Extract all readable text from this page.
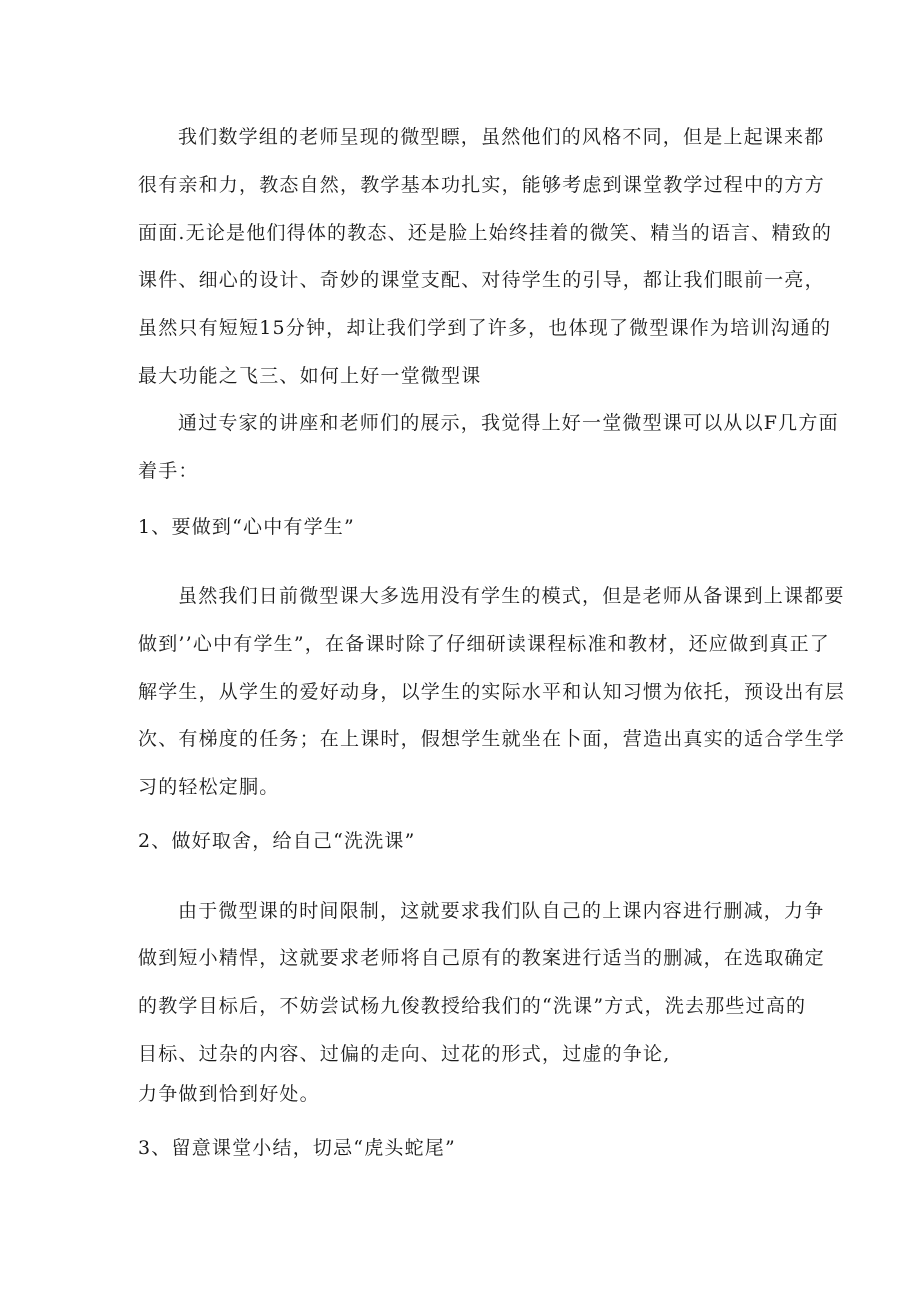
我们数学组的老师呈现的微型瞟，虽然他们的风格不同，但是上起课来都
很有亲和力，教态自然，教学基本功扎实，能够考虑到课堂教学过程中的方方
面面.无论是他们得体的教态、还是脸上始终挂着的微笑、精当的语言、精致的
课件、细心的设计、奇妙的课堂支配、对待学生的引导，都让我们眼前一亮，
虽然只有短短15分钟，却让我们学到了许多，也体现了微型课作为培训沟通的
最大功能之飞三、如何上好一堂微型课
通过专家的讲座和老师们的展示，我觉得上好一堂微型课可以从以F几方面
着手：
1、要做到“心中有学生”
虽然我们日前微型课大多选用没有学生的模式，但是老师从备课到上课都要
做到’’心中有学生”，在备课时除了仔细研读课程标准和教材，还应做到真正了
解学生，从学生的爱好动身，以学生的实际水平和认知习惯为依托，预设出有层
次、有梯度的任务；在上课时，假想学生就坐在卜面，营造出真实的适合学生学
习的轻松定胴。
2、做好取舍，给自己“洗洗课”
由于微型课的时间限制，这就要求我们队自己的上课内容进行删减，力争
做到短小精悍，这就要求老师将自己原有的教案进行适当的删减，在选取确定
的教学目标后，不妨尝试杨九俊教授给我们的“洗课”方式，洗去那些过高的
目标、过杂的内容、过偏的走向、过花的形式，过虚的争论,
力争做到恰到好处。
3、留意课堂小结，切忌“虎头蛇尾”
